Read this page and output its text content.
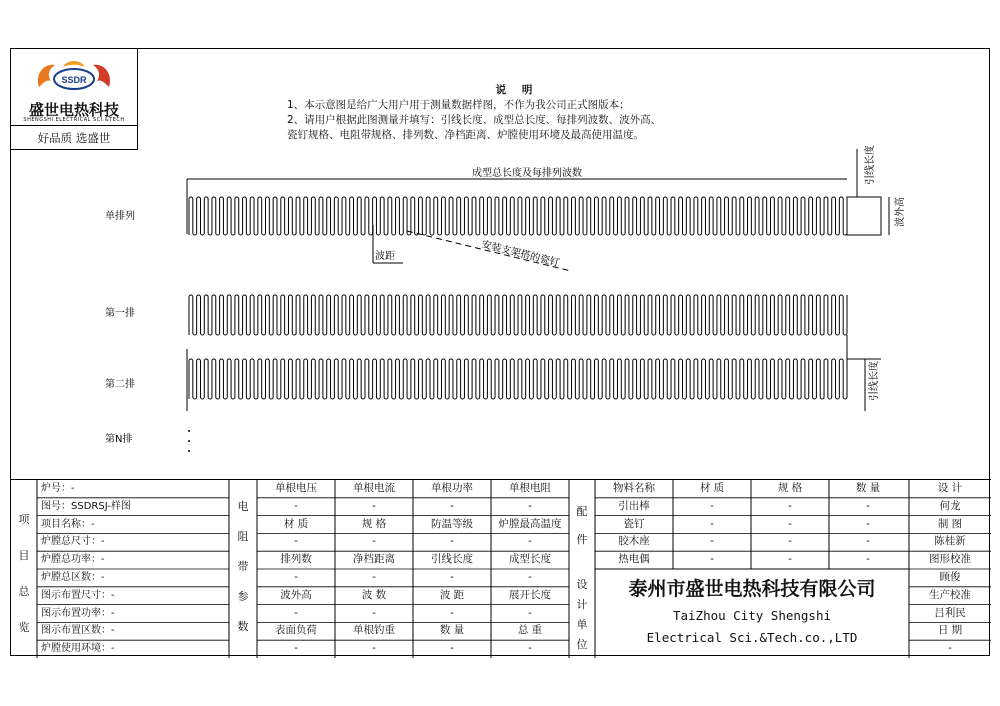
SSDR
盛世电热科技
SHENGSHI ELECTRICAL SCI.&TECH
好品质 选盛世
说 明
1、本示意图是给广大用户用于测量数据样图，不作为我公司正式图版本；
2、请用户根据此图测量并填写：引线长度、成型总长度、每排列波数、波外高、
瓷钉规格、电阻带规格、排列数、净档距离、炉膛使用环境及最高使用温度。
成型总长度及每排列波数
单排列
第一排
第二排
第N排
波距	安装支架搭的瓷钉
引线长度
波外高
引线长度
项
目
总
览
炉号：-
图号：SSDRSJ-样图
项目名称：-
炉膛总尺寸：-
炉膛总功率：-
炉膛总区数：-
图示布置尺寸：-
图示布置功率：-
图示布置区数：-
炉膛使用环境：-
电
阻
带
参
数
单根电压	单根电流	单根功率	单根电阻
-	-	-	-
材 质	规 格	防温等级	炉膛最高温度
-	-	-	-
排列数	净档距离	引线长度	成型长度
-	-	-	-
波外高	波 数	波 距	展开长度
-	-	-	-
表面负荷	单根钓重	数 量	总 重
-	-	-	-
配
件
物料名称	材 质	规 格	数 量
引出棒	-	-	-
瓷钉	-	-	-
胶木座	-	-	-
热电偶	-	-	-
设
计
单
位
泰州市盛世电热科技有限公司
TaiZhou City Shengshi
Electrical Sci.&Tech.co.,LTD
设 计
何龙
制 图
陈桂新
图形校准
顾俊
生产校准
吕利民
日 期
-
